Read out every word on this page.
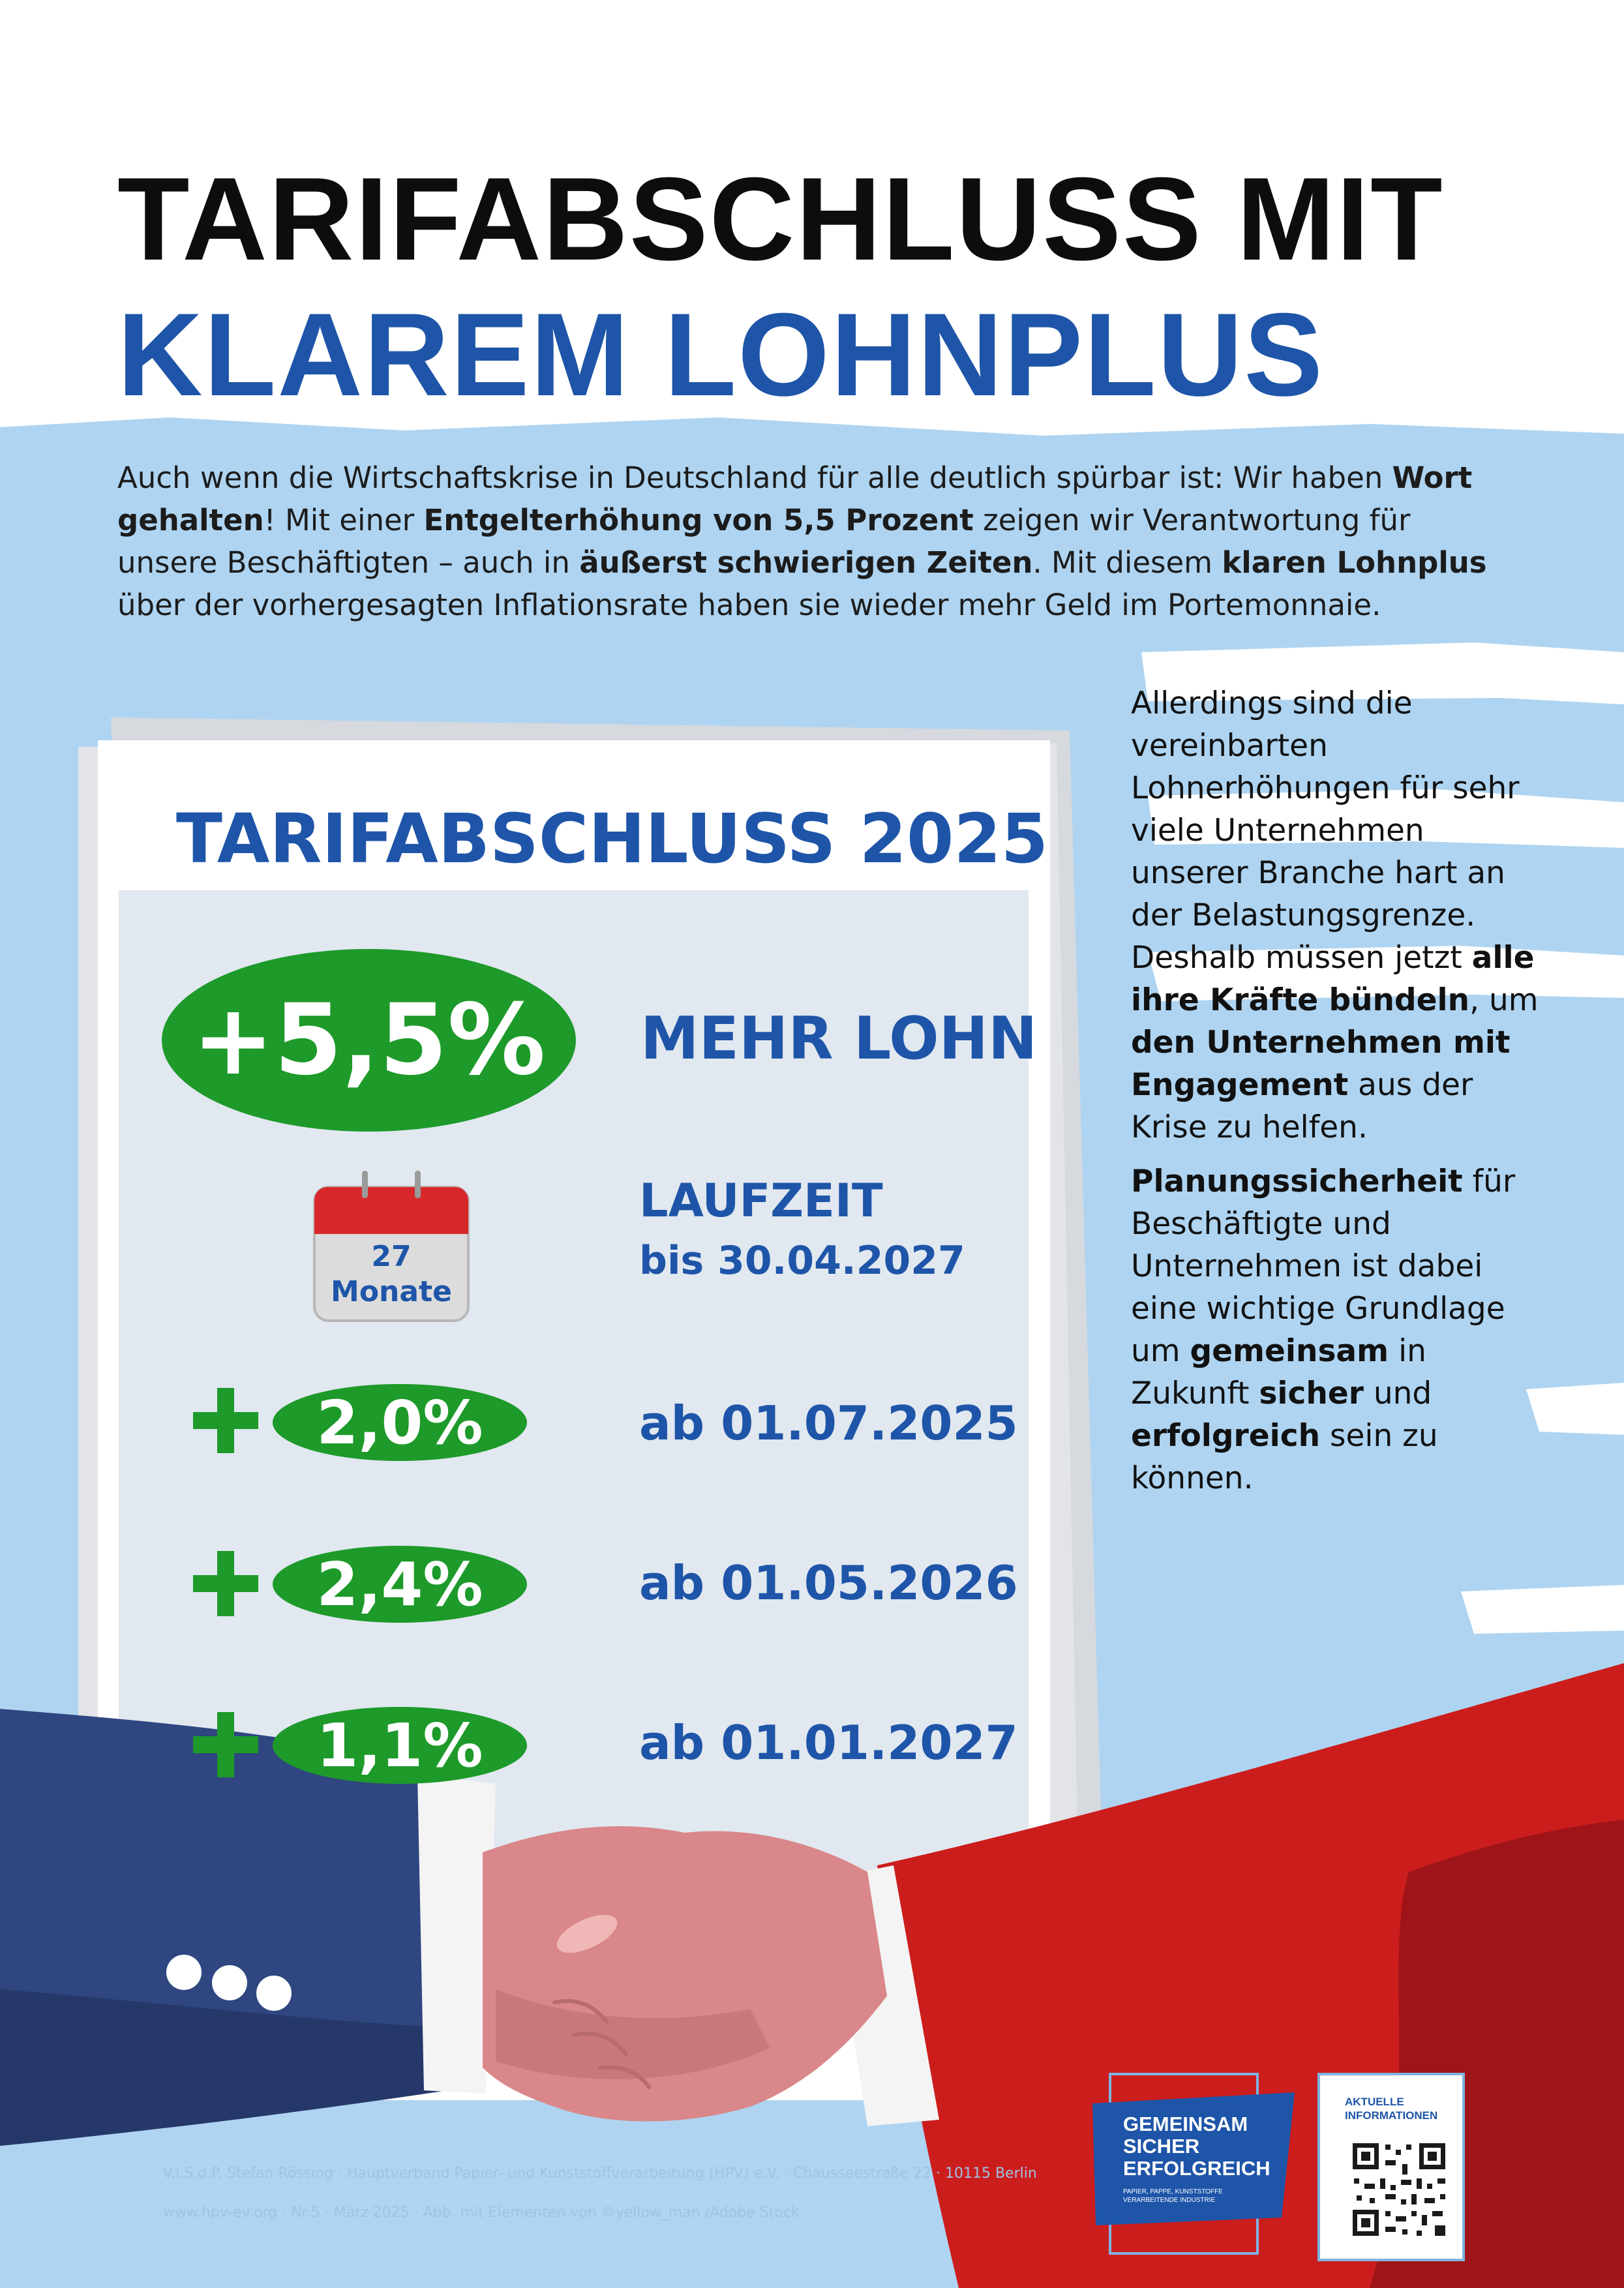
TARIFABSCHLUSS MIT
KLAREM LOHNPLUS
Auch wenn die Wirtschaftskrise in Deutschland für alle deutlich spürbar ist: Wir haben Wort gehalten! Mit einer Entgelterhöhung von 5,5 Prozent zeigen wir Verantwortung für unsere Beschäftigten – auch in äußerst schwierigen Zeiten. Mit diesem klaren Lohnplus über der vorhergesagten Inflationsrate haben sie wieder mehr Geld im Portemonnaie.

Allerdings sind die vereinbarten Lohnerhöhungen für sehr viele Unternehmen unserer Branche hart an der Belastungsgrenze. Deshalb müssen jetzt alle ihre Kräfte bündeln, um den Unternehmen mit Engagement aus der Krise zu helfen.

Planungssicherheit für Beschäftigte und Unternehmen ist dabei eine wichtige Grundlage um gemeinsam in Zukunft sicher und erfolgreich sein zu können.

TARIFABSCHLUSS 2025
+5,5% MEHR LOHN
27
Monate
LAUFZEIT
bis 30.04.2027
2,0%	ab 01.07.2025
2,4%	ab 01.05.2026
1,1%	ab 01.01.2027
V.i.S.d.P. Stefan Rössing · Hauptverband Papier- und Kunststoffverarbeitung (HPV) e.V. · Chausseestraße 22 · 10115 Berlin ·
www.hpv-ev.org · Nr.5 · März 2025 · Abb. mit Elementen von ©yellow_man /Adobe Stock
GEMEINSAM
SICHER
ERFOLGREICH
PAPIER, PAPPE, KUNSTSTOFFE
VERARBEITENDE INDUSTRIE
AKTUELLE
INFORMATIONEN
